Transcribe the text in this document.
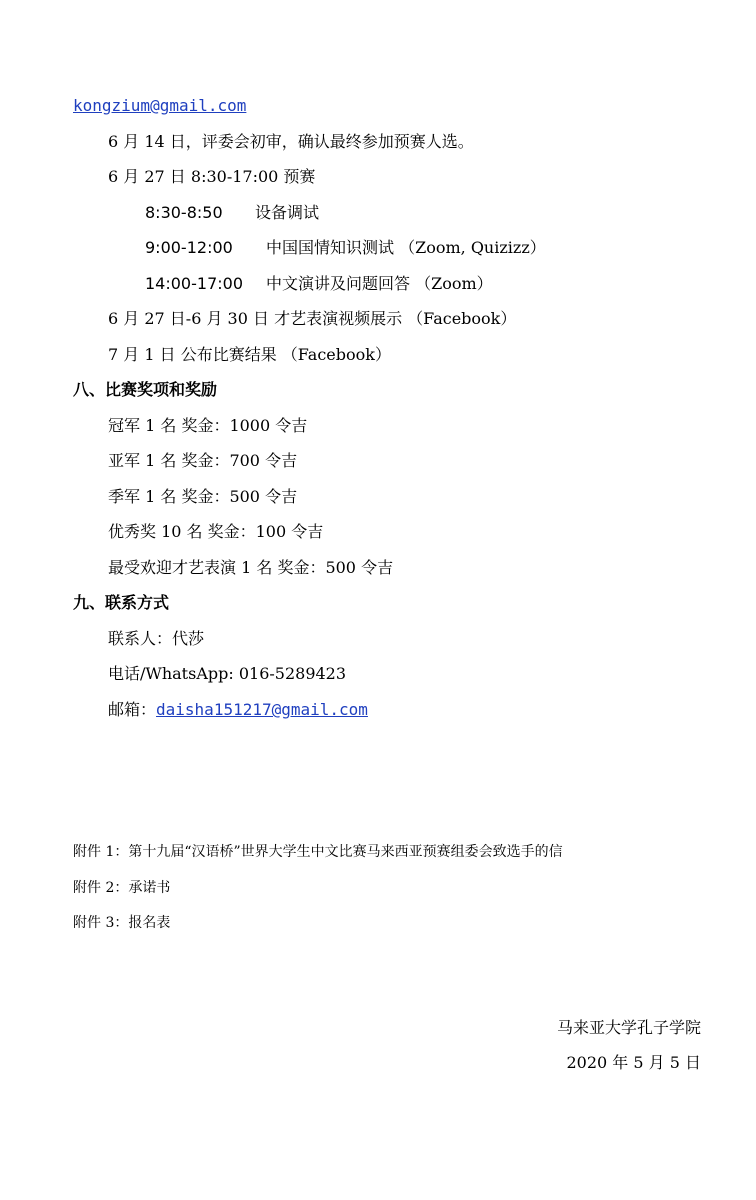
kongzium@gmail.com
6 月 14 日，评委会初审，确认最终参加预赛人选。
6 月 27 日 8:30-17:00 预赛
8:30-8:50 设备调试
9:00-12:00 中国国情知识测试 （Zoom, Quizizz）
14:00-17:00 中文演讲及问题回答 （Zoom）
6 月 27 日-6 月 30 日 才艺表演视频展示 （Facebook）
7 月 1 日 公布比赛结果 （Facebook）
八、比赛奖项和奖励
冠军 1 名 奖金：1000 令吉
亚军 1 名 奖金：700 令吉
季军 1 名 奖金：500 令吉
优秀奖 10 名 奖金：100 令吉
最受欢迎才艺表演 1 名 奖金：500 令吉
九、联系方式
联系人：代莎
电话/WhatsApp: 016-5289423
邮箱：daisha151217@gmail.com
附件 1：第十九届“汉语桥”世界大学生中文比赛马来西亚预赛组委会致选手的信
附件 2：承诺书
附件 3：报名表
马来亚大学孔子学院
2020 年 5 月 5 日
